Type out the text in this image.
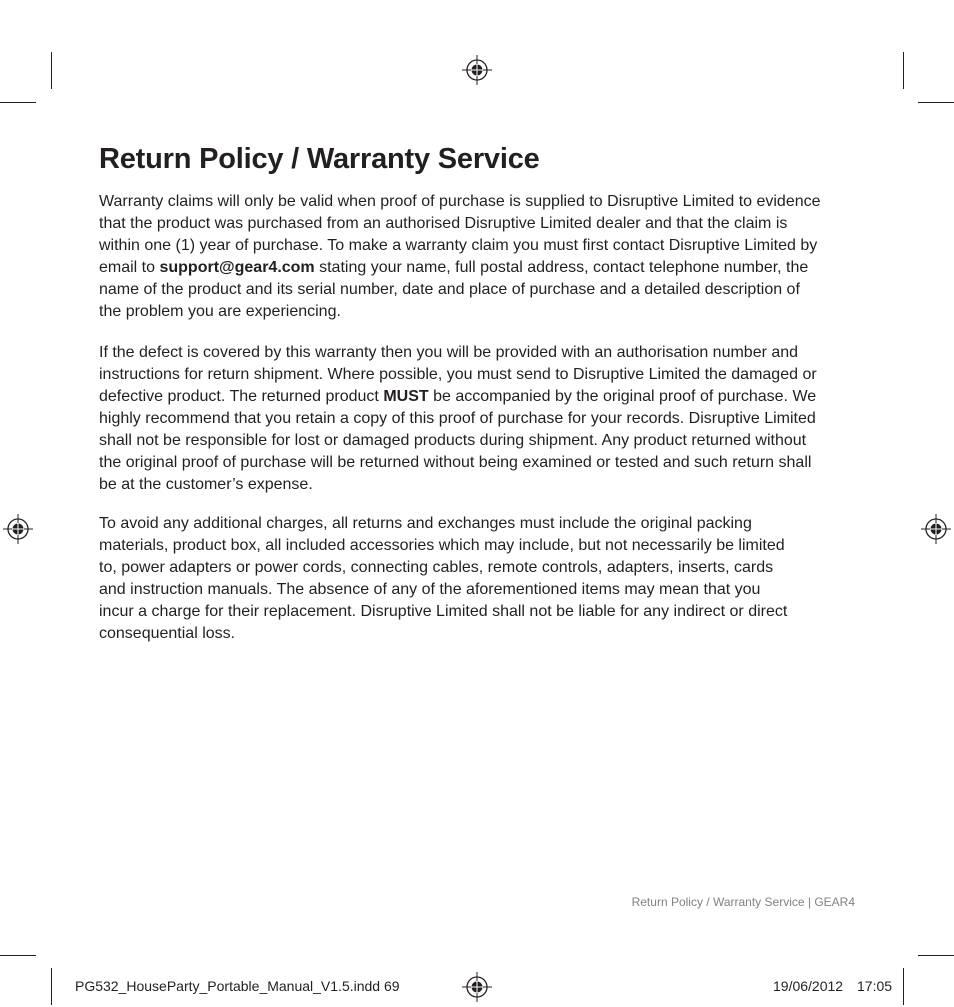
Return Policy / Warranty Service

Warranty claims will only be valid when proof of purchase is supplied to Disruptive Limited to evidence
that the product was purchased from an authorised Disruptive Limited dealer and that the claim is
within one (1) year of purchase. To make a warranty claim you must first contact Disruptive Limited by
email to support@gear4.com stating your name, full postal address, contact telephone number, the
name of the product and its serial number, date and place of purchase and a detailed description of
the problem you are experiencing.

If the defect is covered by this warranty then you will be provided with an authorisation number and
instructions for return shipment. Where possible, you must send to Disruptive Limited the damaged or
defective product. The returned product MUST be accompanied by the original proof of purchase. We
highly recommend that you retain a copy of this proof of purchase for your records. Disruptive Limited
shall not be responsible for lost or damaged products during shipment. Any product returned without
the original proof of purchase will be returned without being examined or tested and such return shall
be at the customer’s expense.

To avoid any additional charges, all returns and exchanges must include the original packing
materials, product box, all included accessories which may include, but not necessarily be limited
to, power adapters or power cords, connecting cables, remote controls, adapters, inserts, cards
and instruction manuals. The absence of any of the aforementioned items may mean that you
incur a charge for their replacement. Disruptive Limited shall not be liable for any indirect or direct
consequential loss.

Return Policy / Warranty Service | GEAR4
PG532_HouseParty_Portable_Manual_V1.5.indd 69	19/06/2012 17:05
